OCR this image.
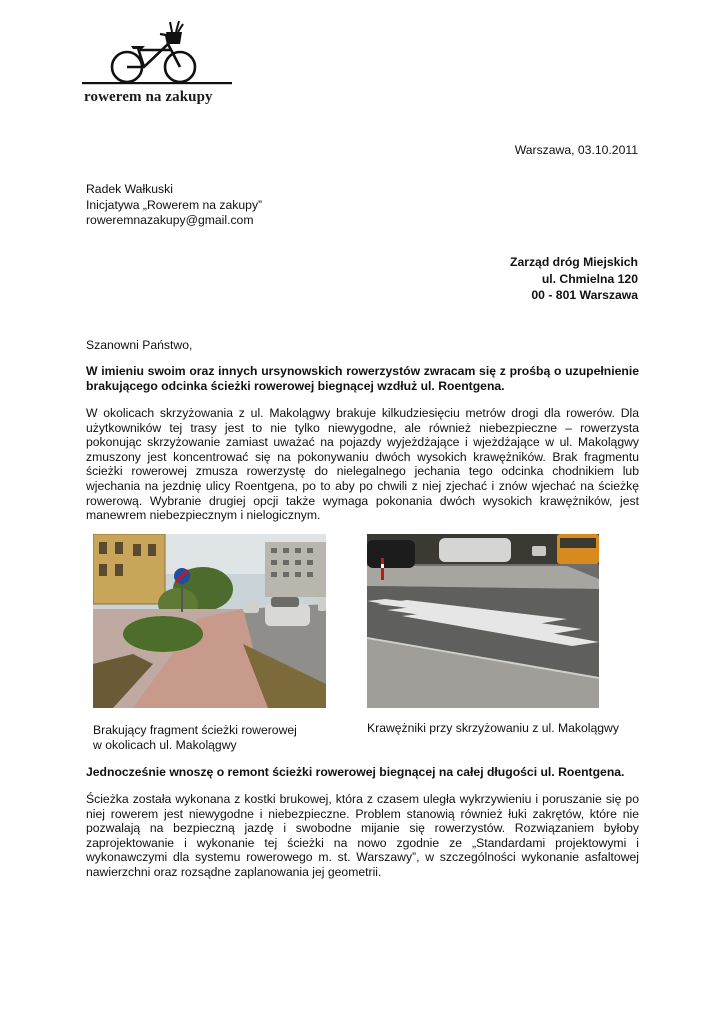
rowerem na zakupy
Warszawa, 03.10.2011
Radek Wałkuski
Inicjatywa „Rowerem na zakupy”
roweremnazakupy@gmail.com
Zarząd dróg Miejskich
ul. Chmielna 120
00 - 801 Warszawa
Szanowni Państwo,
W imieniu swoim oraz innych ursynowskich rowerzystów zwracam się z prośbą o uzupełnienie brakującego odcinka ścieżki rowerowej biegnącej wzdłuż ul. Roentgena.
W okolicach skrzyżowania z ul. Makolągwy brakuje kilkudziesięciu metrów drogi dla rowerów. Dla użytkowników tej trasy jest to nie tylko niewygodne, ale również niebezpieczne – rowerzysta pokonując skrzyżowanie zamiast uważać na pojazdy wyjeżdżające i wjeżdżające w ul. Makolągwy zmuszony jest koncentrować się na pokonywaniu dwóch wysokich krawężników. Brak fragmentu ścieżki rowerowej zmusza rowerzystę do nielegalnego jechania tego odcinka chodnikiem lub wjechania na jezdnię ulicy Roentgena, po to aby po chwili z niej zjechać i znów wjechać na ścieżkę rowerową. Wybranie drugiej opcji także wymaga pokonania dwóch wysokich krawężników, jest manewrem niebezpiecznym i nielogicznym.
Brakujący fragment ścieżki rowerowej
w okolicach ul. Makolągwy
Krawężniki przy skrzyżowaniu z ul. Makolągwy
Jednocześnie wnoszę o remont ścieżki rowerowej biegnącej na całej długości ul. Roentgena.
Ścieżka została wykonana z kostki brukowej, która z czasem uległa wykrzywieniu i poruszanie się po niej rowerem jest niewygodne i niebezpieczne. Problem stanowią również łuki zakrętów, które nie pozwalają na bezpieczną jazdę i swobodne mijanie się rowerzystów. Rozwiązaniem byłoby zaprojektowanie i wykonanie tej ścieżki na nowo zgodnie ze „Standardami projektowymi i wykonawczymi dla systemu rowerowego m. st. Warszawy”, w szczególności wykonanie asfaltowej nawierzchni oraz rozsądne zaplanowania jej geometrii.
